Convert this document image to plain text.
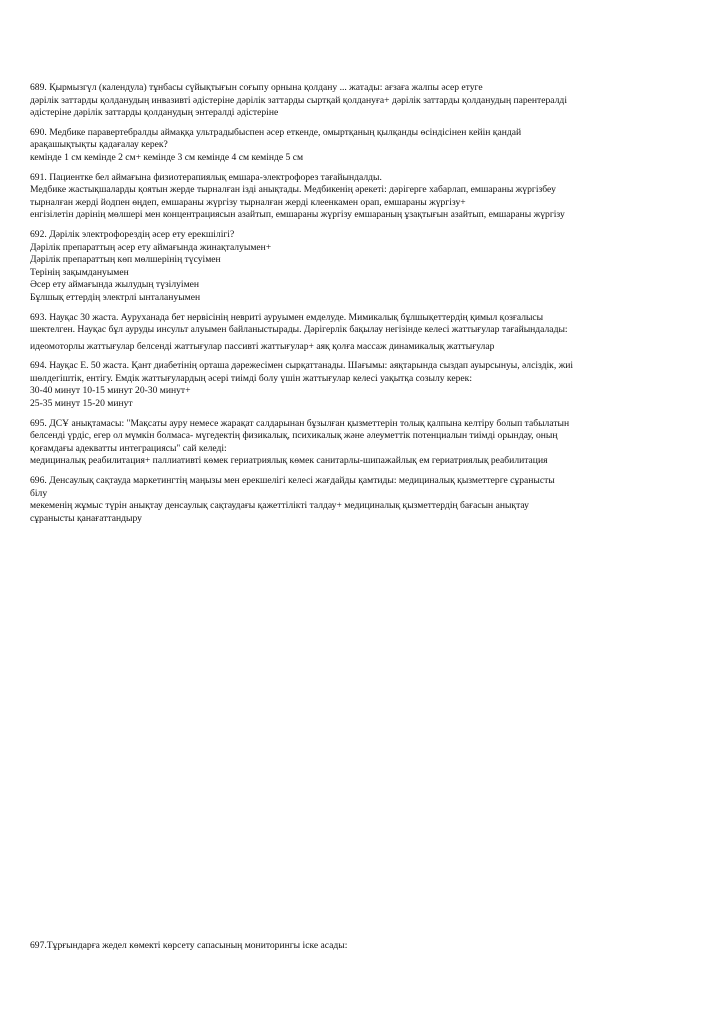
689. Қырмызгүл (календула) тұнбасы сүйықтығын соғыпу орнына қолдану ... жатады: ағзаға жалпы әсер етуге
дәрілік заттарды қолданудың инвазивті әдістеріне дәрілік заттарды сыртқай қолдануға+ дәрілік заттарды қолданудың парентералді
әдістеріне дәрілік заттарды қолданудың энтералді әдістеріне
690. Медбике паравертебралды аймаққа ультрадыбыспен әсер еткенде, омыртқаның қылқанды өсіндісінен кейін қандай
арақашықтықты қадағалау керек?
кемінде 1 см кемінде 2 см+ кемінде 3 см кемінде 4 см кемінде 5 см
691. Пациентке бел аймағына физиотерапиялық емшара-электрофорез тағайындалды.
Медбике жастықшаларды қоятын жерде тырналған ізді анықтады. Медбикенің әрекеті: дәрігерге хабарлап, емшараны жүргізбеу
тырналған жерді йодпен өңдеп, емшараны жүргізу тырналған жерді клеенкамен орап, емшараны жүргізу+
енгізілетін дәрінің мөлшері мен концентрациясын азайтып, емшараны жүргізу емшараның ұзақтығын азайтып, емшараны жүргізу
692. Дәрілік электрофорездің әсер ету ерекшілігі?
Дәрілік препараттың әсер ету аймағында жинақталуымен+
Дәрілік препараттың көп мөлшерінің түсуімен
Терінің зақымдануымен
Әсер ету аймағында жылудың түзілуімен
Бұлшық еттердің электрлі ынталануымен
693. Науқас 30 жаста. Аурухaнада бет нервісінің невриті ауруымен емделуде. Мимикалық бұлшықеттердің қимыл қозғалысы
шектелген. Науқас бұл ауруды инсульт алуымен байланыстырады. Дәрігерлік бақылау негізінде келесі жаттығулар тағайындалады:
идеомоторлы жаттығулар белсенді жаттығулар пассивті жаттығулар+ аяқ қолға массаж динамикалық жаттығулар
694. Науқас Е. 50 жаста. Қант диабетінің орташа дәрежесімен сырқаттанады. Шағымы: аяқтарында сыздап ауырсынуы, әлсіздік, жиі
шөлдегіштік, ентігу. Емдік жаттығулардың әсері тиімді болу үшін жаттығулар келесі уақытқа созылу керек:
30-40 минут 10-15 минут 20-30 минут+
25-35 минут 15-20 минут
695. ДСҰ анықтамасы: "Мақсаты ауру немесе жарақат салдарынан бұзылған қызметтерін толық қалпына келтіру болып табылатын
белсенді үрдіс, егер ол мүмкін болмаса- мүгедектің физикалық, психикалық және әлеуметтік потенциалын тиімді орындау, оның
қоғамдағы адекватты интеграциясы" сай келеді:
медициналық реабилитация+ паллиативті көмек гериатриялық көмек санитарлы-шипажайлық ем гериатриялық реабилитация
696. Денсаулық сақтауда маркетингтің маңызы мен ерекшелігі келесі жағдайды қамтиды: медициналық қызметтерге сұранысты
білу
мекеменің жұмыс түрін анықтау денсаулық сақтаудағы қажеттілікті талдау+ медициналық қызметтердің бағасын анықтау
сұранысты қанағаттандыру
697.Тұрғындарға жедел көмекті көрсету сапасының мониторингы іске асады:
